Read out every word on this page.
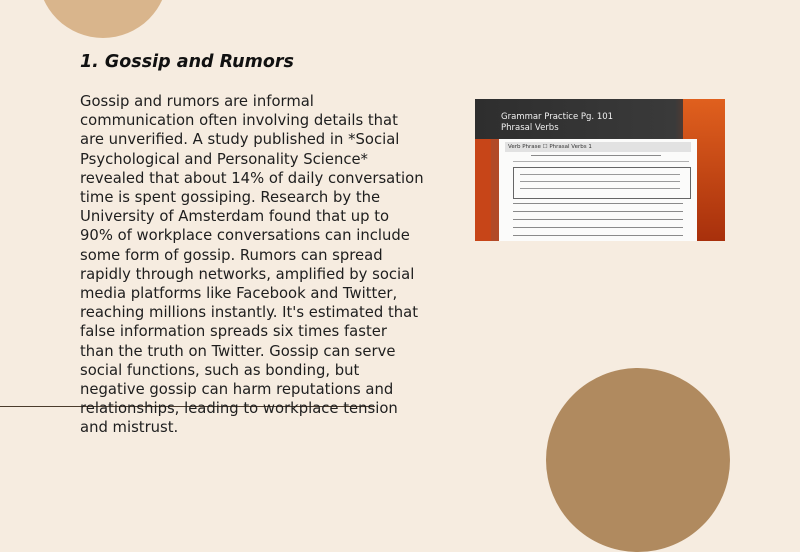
1. Gossip and Rumors

Gossip and rumors are informal communication often involving details that are unverified. A study published in *Social Psychological and Personality Science* revealed that about 14% of daily conversation time is spent gossiping. Research by the University of Amsterdam found that up to 90% of workplace conversations can include some form of gossip. Rumors can spread rapidly through networks, amplified by social media platforms like Facebook and Twitter, reaching millions instantly. It's estimated that false information spreads six times faster than the truth on Twitter. Gossip can serve social functions, such as bonding, but negative gossip can harm reputations and relationships, leading to workplace tension and mistrust.

Grammar Practice Pg. 101
Phrasal Verbs
Verb Phrase ☐ Phrasal Verbs 1
